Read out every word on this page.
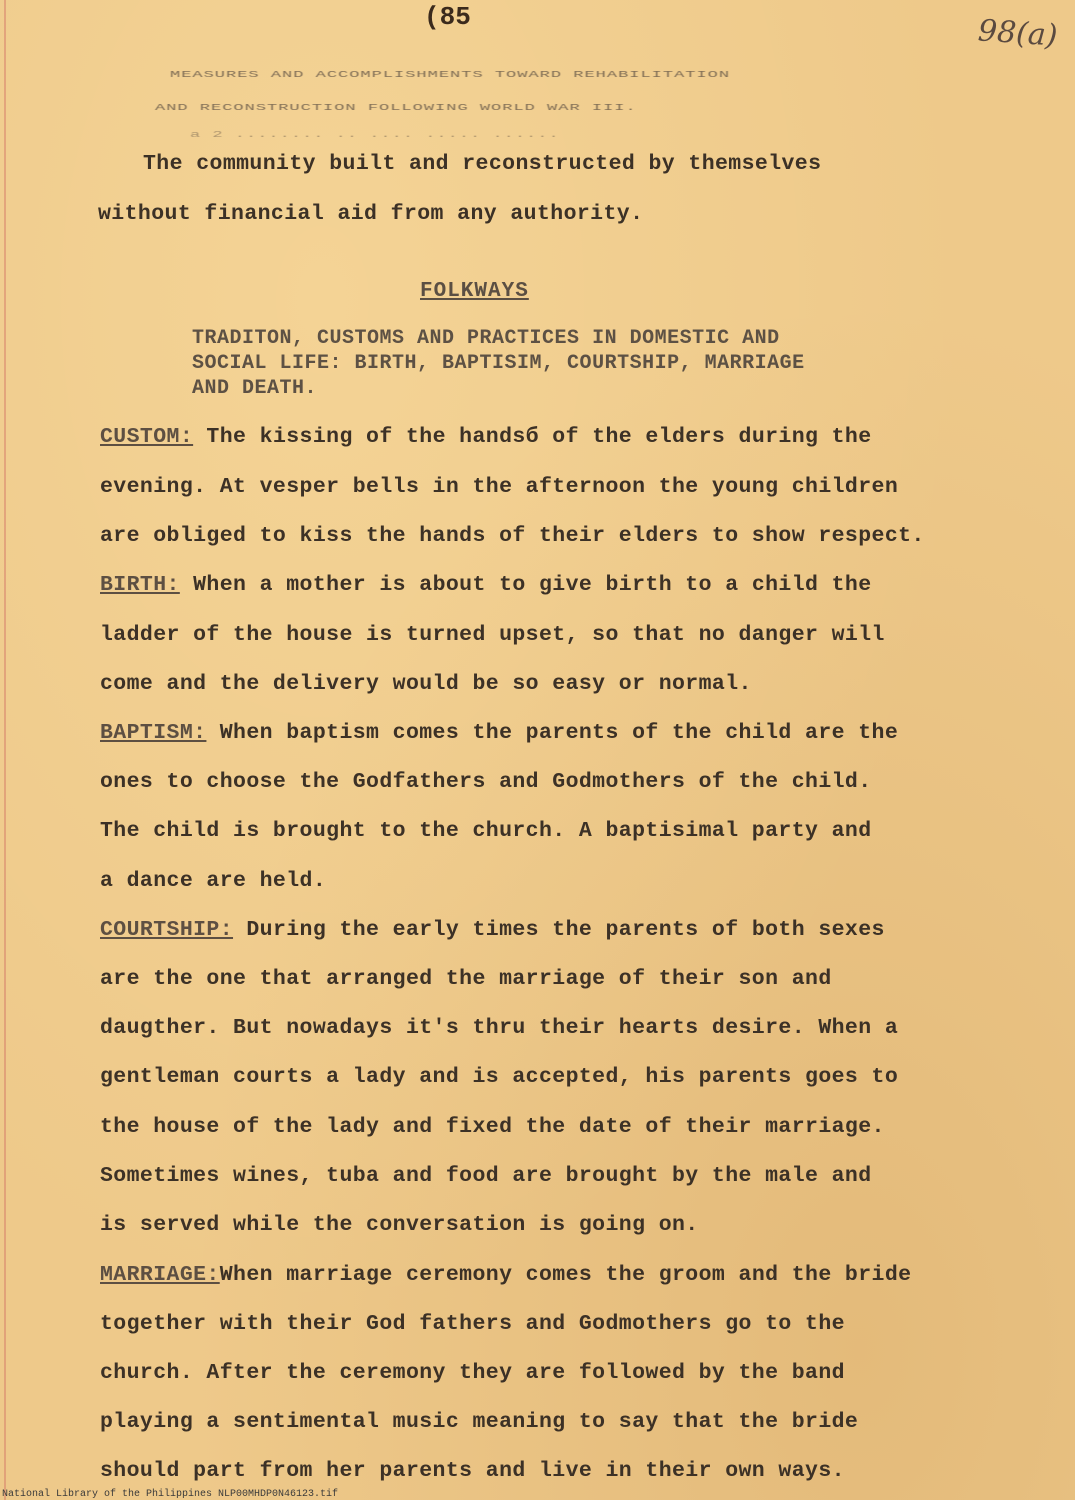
(85	98(a)
MEASURES AND ACCOMPLISHMENTS TOWARD REHABILITATION
AND RECONSTRUCTION FOLLOWING WORLD WAR III.
a 2 ........ .. .... ..... ......
The community built and reconstructed by themselves
without financial aid from any authority.
FOLKWAYS
TRADITON, CUSTOMS AND PRACTICES IN DOMESTIC AND
SOCIAL LIFE: BIRTH, BAPTISIM, COURTSHIP, MARRIAGE
AND DEATH.
CUSTOM: The kissing of the handsб of the elders during the
evening. At vesper bells in the afternoon the young children
are obliged to kiss the hands of their elders to show respect.
BIRTH: When a mother is about to give birth to a child the
ladder of the house is turned upset, so that no danger will
come and the delivery would be so easy or normal.
BAPTISM: When baptism comes the parents of the child are the
ones to choose the Godfathers and Godmothers of the child.
The child is brought to the church. A baptisimal party and
a dance are held.
COURTSHIP: During the early times the parents of both sexes
are the one that arranged the marriage of their son and
daugther. But nowadays it's thru their hearts desire. When a
gentleman courts a lady and is accepted, his parents goes to
the house of the lady and fixed the date of their marriage.
Sometimes wines, tuba and food are brought by the male and
is served while the conversation is going on.
MARRIAGE:When marriage ceremony comes the groom and the bride
together with their God fathers and Godmothers go to the
church. After the ceremony they are followed by the band
playing a sentimental music meaning to say that the bride
should part from her parents and live in their own ways.
National Library of the Philippines NLP00MHDP0N46123.tif
